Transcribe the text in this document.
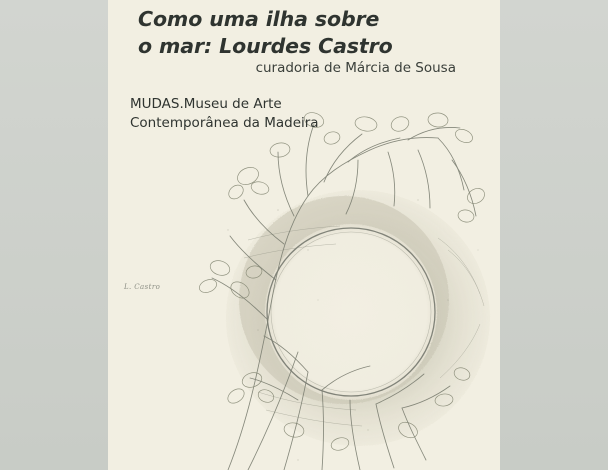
Como uma ilha sobre
o mar: Lourdes Castro
curadoria de Márcia de Sousa
MUDAS.Museu de Arte
Contemporânea da Madeira
L. Castro
